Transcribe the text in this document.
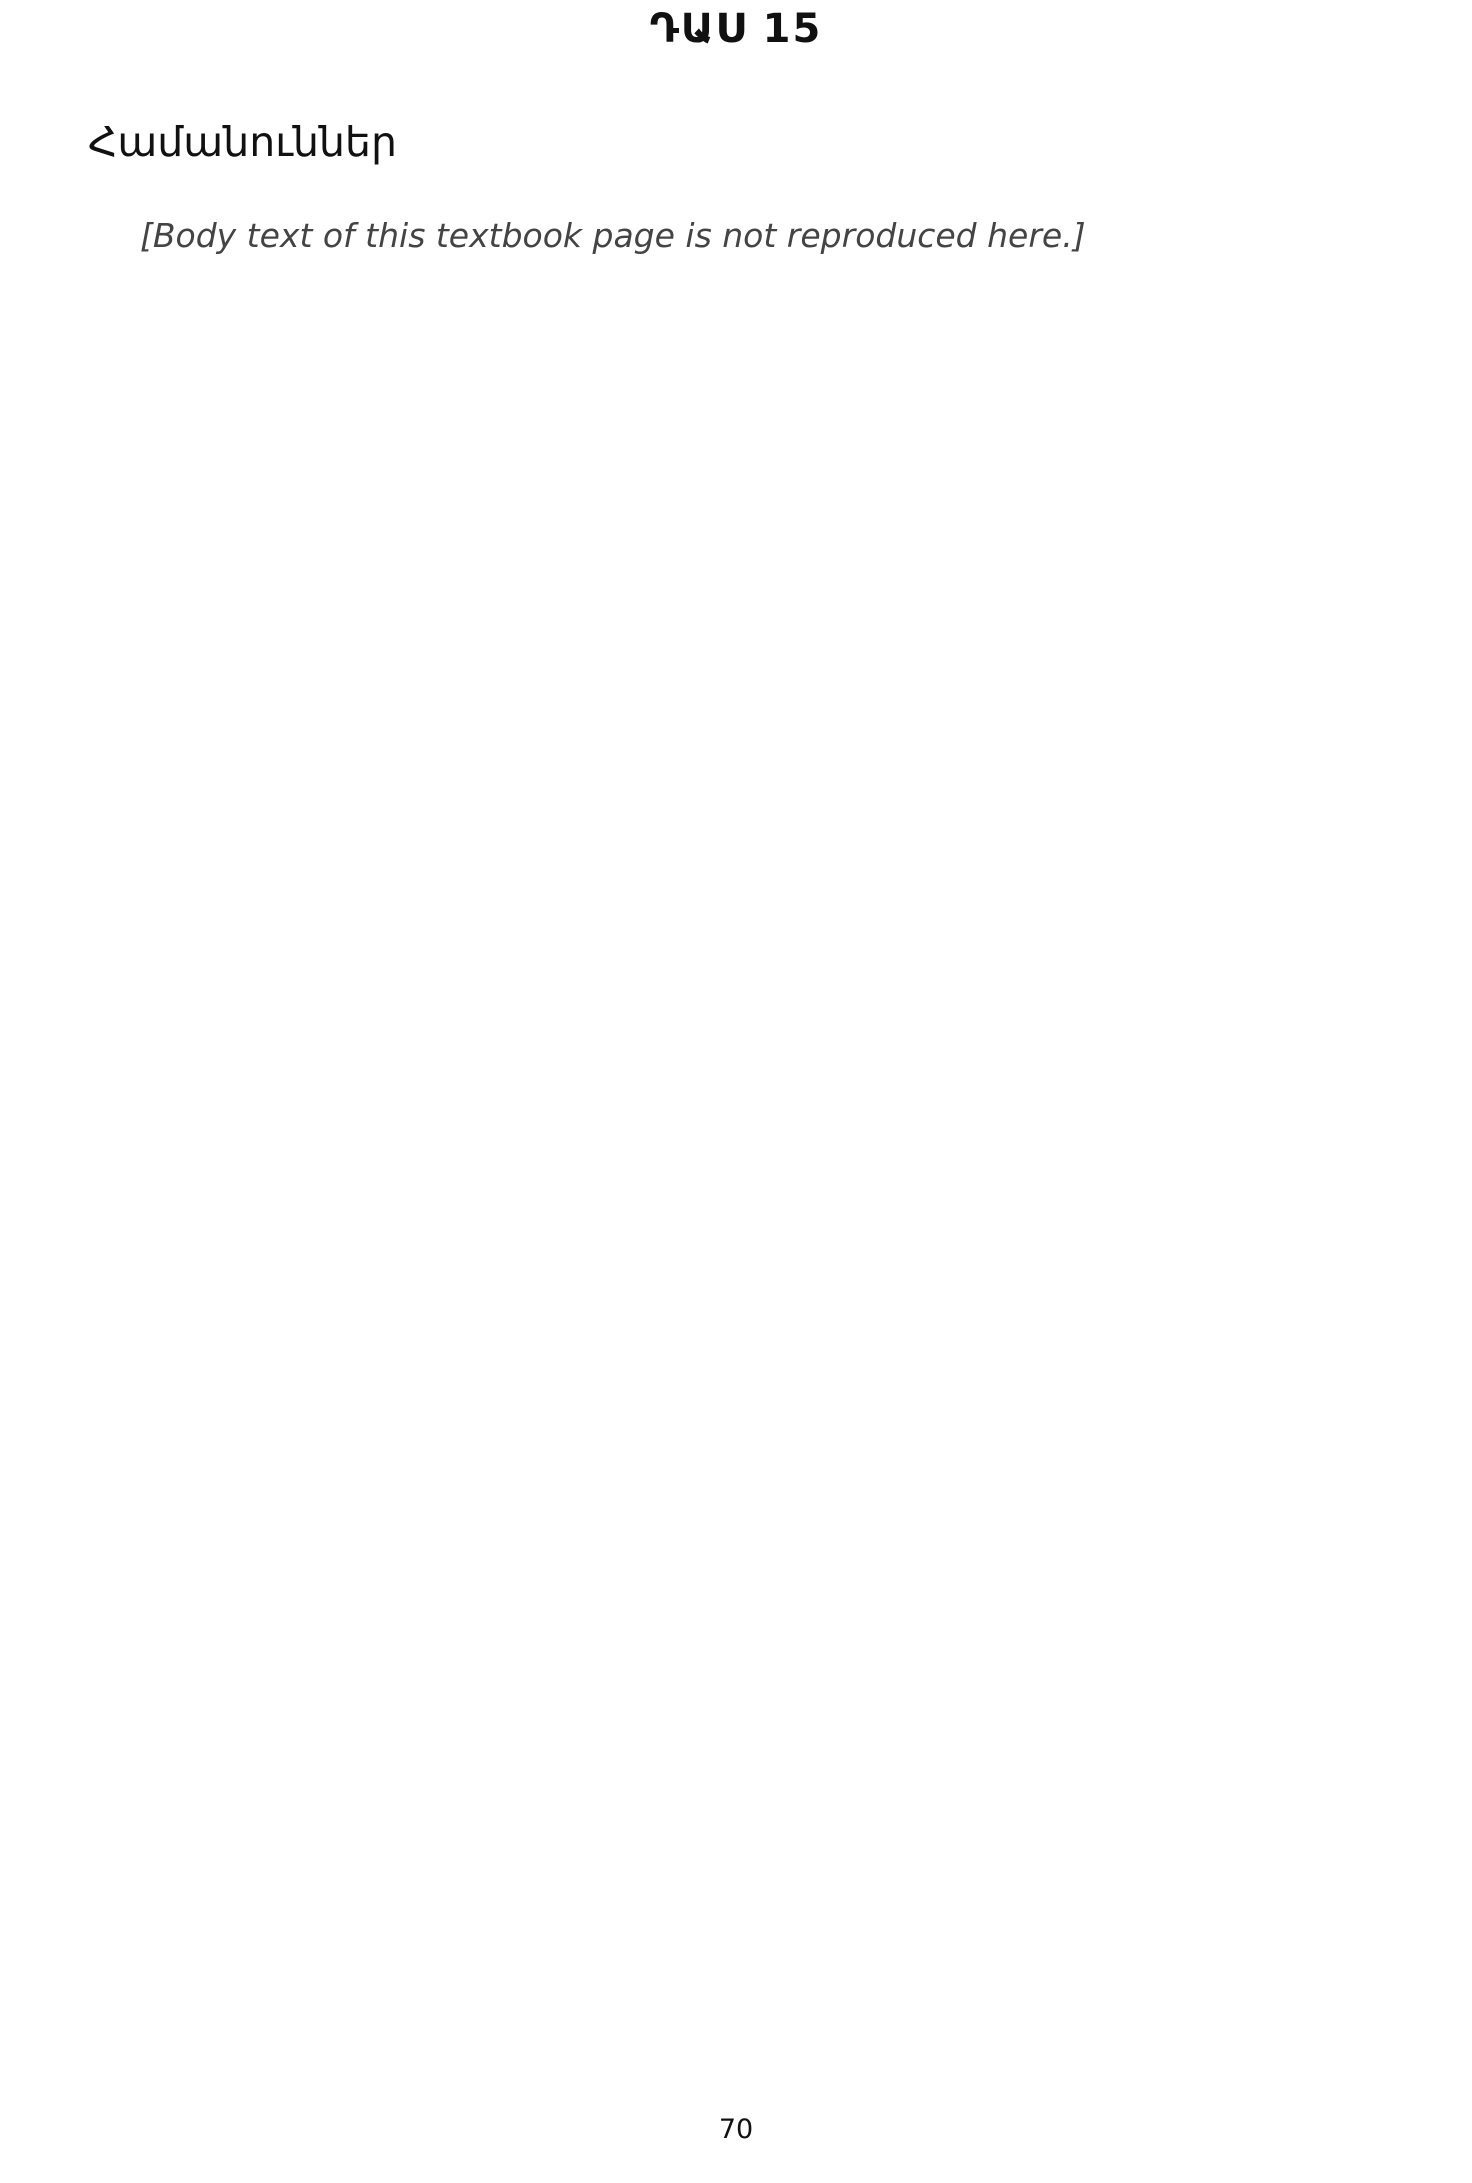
ԴԱՍ 15
Համանուններ

[Body text of this textbook page is not reproduced here.]

70
